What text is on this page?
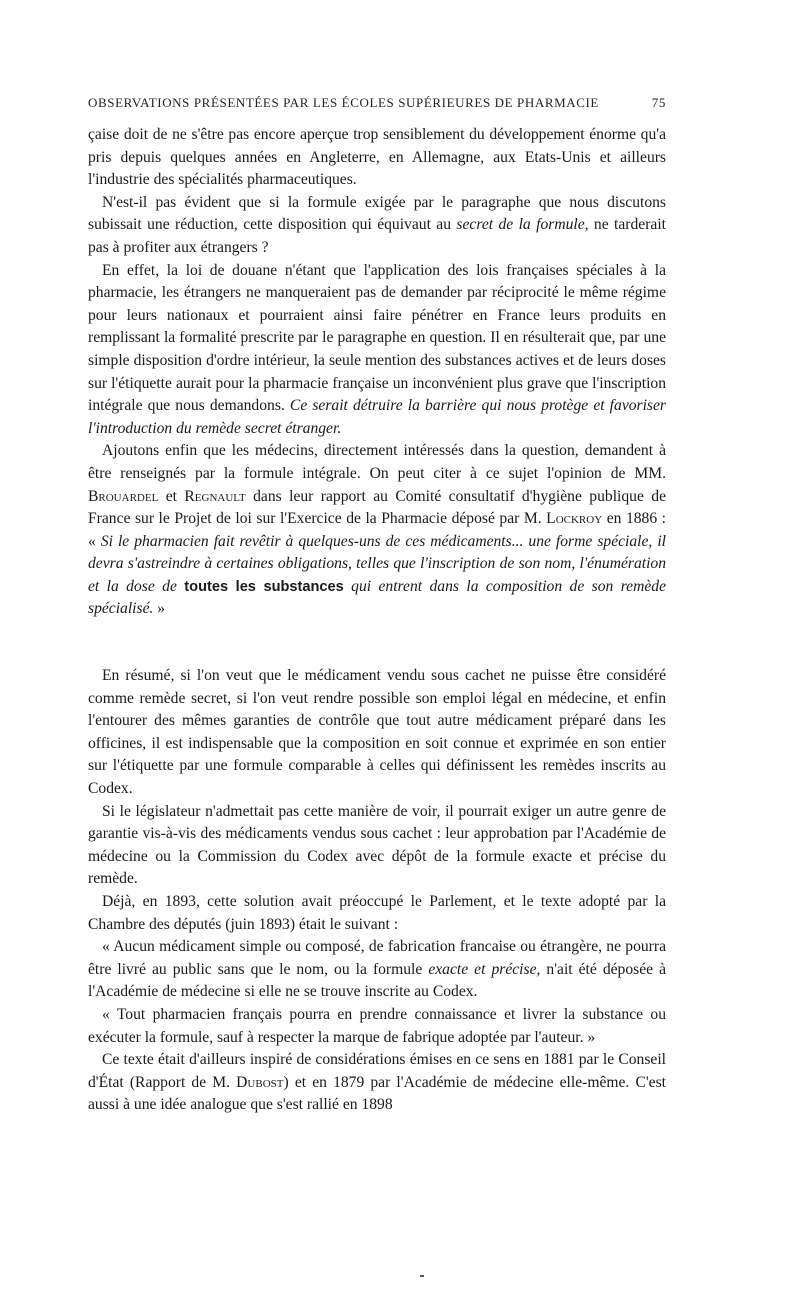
OBSERVATIONS PRÉSENTÉES PAR LES ÉCOLES SUPÉRIEURES DE PHARMACIE	75

çaise doit de ne s'être pas encore aperçue trop sensiblement du développement énorme qu'a pris depuis quelques années en Angleterre, en Allemagne, aux Etats-Unis et ailleurs l'industrie des spécialités pharmaceutiques.

N'est-il pas évident que si la formule exigée par le paragraphe que nous discutons subissait une réduction, cette disposition qui équivaut au secret de la formule, ne tarderait pas à profiter aux étrangers ?

En effet, la loi de douane n'étant que l'application des lois françaises spéciales à la pharmacie, les étrangers ne manqueraient pas de demander par réciprocité le même régime pour leurs nationaux et pourraient ainsi faire pénétrer en France leurs produits en remplissant la formalité prescrite par le paragraphe en question. Il en résulterait que, par une simple disposition d'ordre intérieur, la seule mention des substances actives et de leurs doses sur l'étiquette aurait pour la pharmacie française un inconvénient plus grave que l'inscription intégrale que nous demandons. Ce serait détruire la barrière qui nous protège et favoriser l'introduction du remède secret étranger.

Ajoutons enfin que les médecins, directement intéressés dans la question, demandent à être renseignés par la formule intégrale. On peut citer à ce sujet l'opinion de MM. Brouardel et Regnault dans leur rapport au Comité consultatif d'hygiène publique de France sur le Projet de loi sur l'Exercice de la Pharmacie déposé par M. Lockroy en 1886 : « Si le pharmacien fait revêtir à quelques-uns de ces médicaments... une forme spéciale, il devra s'astreindre à certaines obligations, telles que l'inscription de son nom, l'énumération et la dose de toutes les substances qui entrent dans la composition de son remède spécialisé. »

En résumé, si l'on veut que le médicament vendu sous cachet ne puisse être considéré comme remède secret, si l'on veut rendre possible son emploi légal en médecine, et enfin l'entourer des mêmes garanties de contrôle que tout autre médicament préparé dans les officines, il est indispensable que la composition en soit connue et exprimée en son entier sur l'étiquette par une formule comparable à celles qui définissent les remèdes inscrits au Codex.

Si le législateur n'admettait pas cette manière de voir, il pourrait exiger un autre genre de garantie vis-à-vis des médicaments vendus sous cachet : leur approbation par l'Académie de médecine ou la Commission du Codex avec dépôt de la formule exacte et précise du remède.

Déjà, en 1893, cette solution avait préoccupé le Parlement, et le texte adopté par la Chambre des députés (juin 1893) était le suivant :

« Aucun médicament simple ou composé, de fabrication francaise ou étrangère, ne pourra être livré au public sans que le nom, ou la formule exacte et précise, n'ait été déposée à l'Académie de médecine si elle ne se trouve inscrite au Codex.

« Tout pharmacien français pourra en prendre connaissance et livrer la substance ou exécuter la formule, sauf à respecter la marque de fabrique adoptée par l'auteur. »

Ce texte était d'ailleurs inspiré de considérations émises en ce sens en 1881 par le Conseil d'État (Rapport de M. Dubost) et en 1879 par l'Académie de médecine elle-même. C'est aussi à une idée analogue que s'est rallié en 1898
